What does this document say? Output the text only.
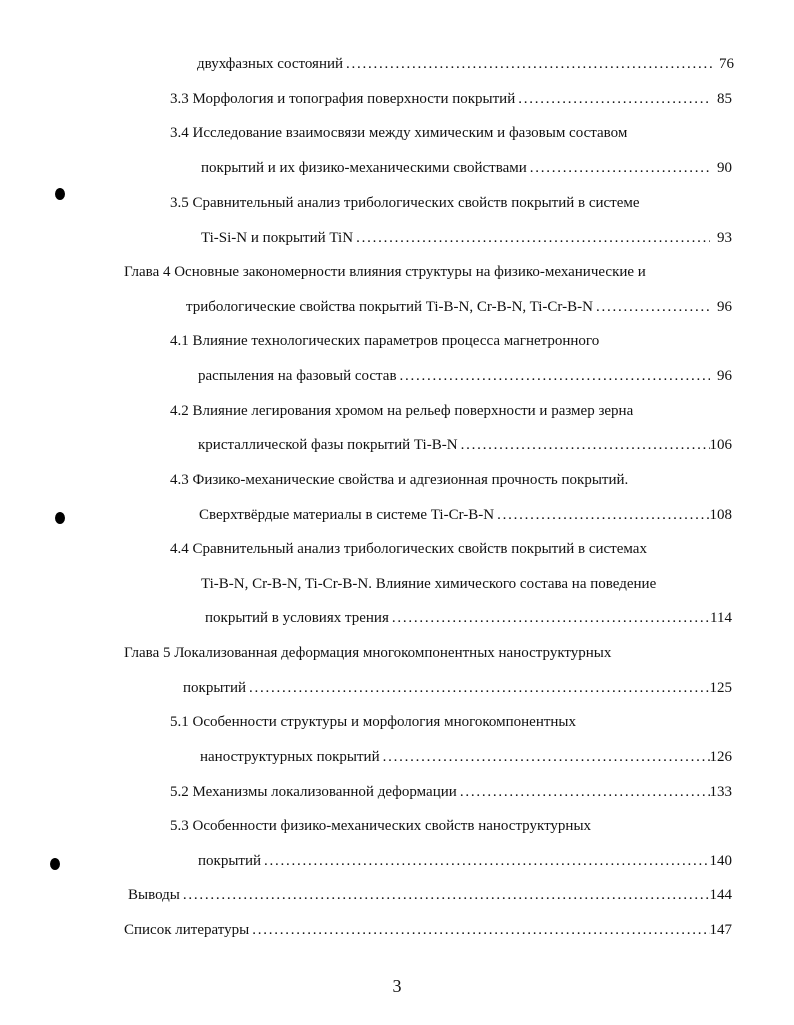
двухфазных состояний . . .	76
3.3 Морфология и топография поверхности покрытий . . .	85
3.4 Исследование взаимосвязи между химическим и фазовым составом
покрытий и их физико-механическими свойствами . . .	90
3.5 Сравнительный анализ трибологических свойств покрытий в системе
Ti-Si-N и покрытий TiN . . .	93
Глава 4 Основные закономерности влияния структуры на физико-механические и
трибологические свойства покрытий Ti-B-N, Cr-B-N, Ti-Cr-B-N . . .	96
4.1 Влияние технологических параметров процесса магнетронного
распыления на фазовый состав . . .	96
4.2 Влияние легирования хромом на рельеф поверхности и размер зерна
кристаллической фазы покрытий Ti-B-N . . .	106
4.3 Физико-механические свойства и адгезионная прочность покрытий.
Сверхтвёрдые материалы в системе Ti-Cr-B-N . . .	108
4.4 Сравнительный анализ трибологических свойств покрытий в системах
Ti-B-N, Cr-B-N, Ti-Cr-B-N. Влияние химического состава на поведение
покрытий в условиях трения . . .	114
Глава 5 Локализованная деформация многокомпонентных наноструктурных
покрытий . . .	125
5.1 Особенности структуры и морфология многокомпонентных
наноструктурных покрытий . . .	126
5.2 Механизмы локализованной деформации . . .	133
5.3 Особенности физико-механических свойств наноструктурных
покрытий . . .	140
Выводы . . .	144
Список литературы . . .	147
3
